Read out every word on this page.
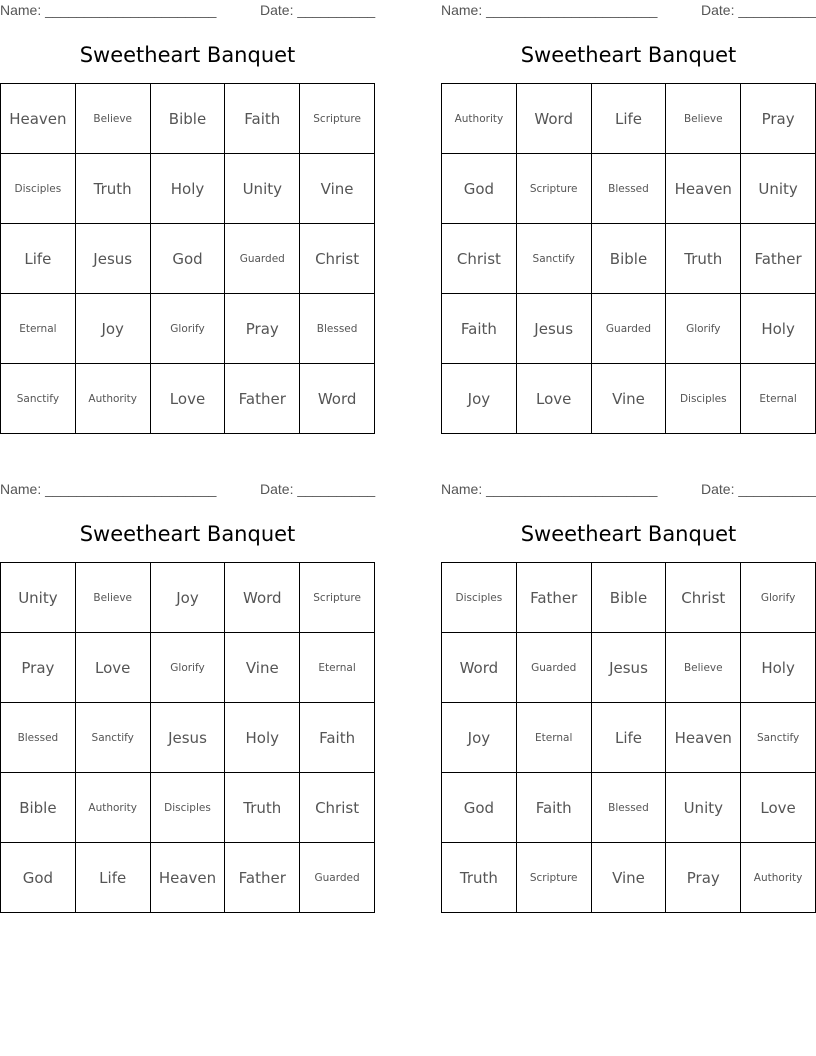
Name: ______________________	Date: __________
Sweetheart Banquet
Heaven	Believe	Bible	Faith	Scripture
Disciples	Truth	Holy	Unity	Vine
Life	Jesus	God	Guarded	Christ
Eternal	Joy	Glorify	Pray	Blessed
Sanctify	Authority	Love	Father	Word
Name: ______________________	Date: __________
Sweetheart Banquet
Authority	Word	Life	Believe	Pray
God	Scripture	Blessed	Heaven	Unity
Christ	Sanctify	Bible	Truth	Father
Faith	Jesus	Guarded	Glorify	Holy
Joy	Love	Vine	Disciples	Eternal
Name: ______________________	Date: __________
Sweetheart Banquet
Unity	Believe	Joy	Word	Scripture
Pray	Love	Glorify	Vine	Eternal
Blessed	Sanctify	Jesus	Holy	Faith
Bible	Authority	Disciples	Truth	Christ
God	Life	Heaven	Father	Guarded
Name: ______________________	Date: __________
Sweetheart Banquet
Disciples	Father	Bible	Christ	Glorify
Word	Guarded	Jesus	Believe	Holy
Joy	Eternal	Life	Heaven	Sanctify
God	Faith	Blessed	Unity	Love
Truth	Scripture	Vine	Pray	Authority
